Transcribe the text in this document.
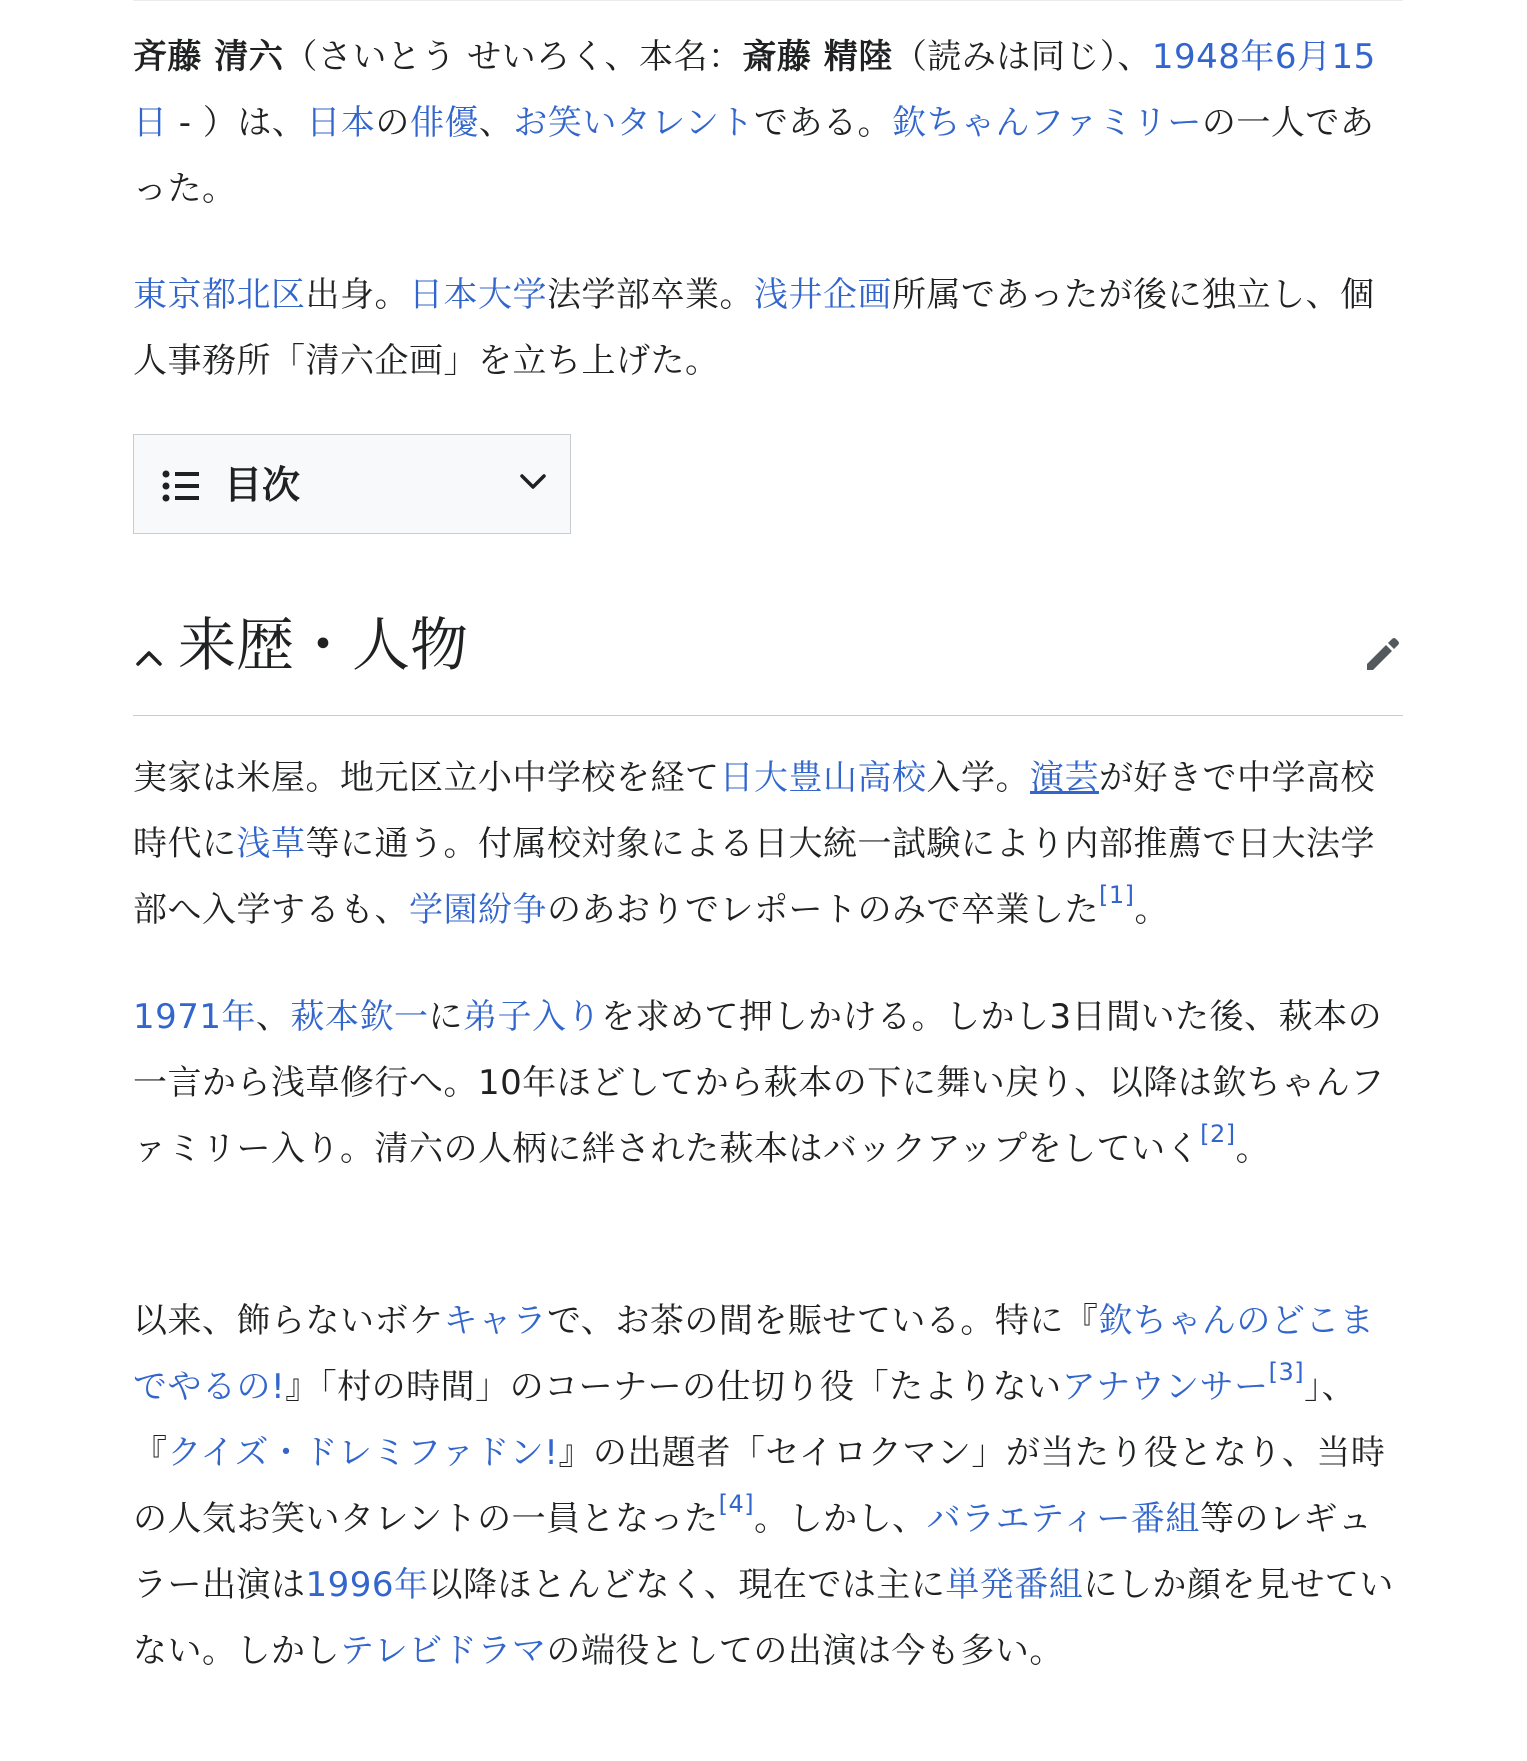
斉藤 清六（さいとう せいろく、本名：斎藤 精陸（読みは同じ）、1948年6月15日 - ）は、日本の俳優、お笑いタレントである。欽ちゃんファミリーの一人であった。

東京都北区出身。日本大学法学部卒業。浅井企画所属であったが後に独立し、個人事務所「清六企画」を立ち上げた。

目次
来歴・人物

実家は米屋。地元区立小中学校を経て日大豊山高校入学。演芸が好きで中学高校時代に浅草等に通う。付属校対象による日大統一試験により内部推薦で日大法学部へ入学するも、学園紛争のあおりでレポートのみで卒業した[1]。

1971年、萩本欽一に弟子入りを求めて押しかける。しかし3日間いた後、萩本の一言から浅草修行へ。10年ほどしてから萩本の下に舞い戻り、以降は欽ちゃんファミリー入り。清六の人柄に絆された萩本はバックアップをしていく[2]。

以来、飾らないボケキャラで、お茶の間を賑せている。特に『欽ちゃんのどこまでやるの!』「村の時間」のコーナーの仕切り役「たよりないアナウンサー[3]」、『クイズ・ドレミファドン!』の出題者「セイロクマン」が当たり役となり、当時の人気お笑いタレントの一員となった[4]。しかし、バラエティー番組等のレギュラー出演は1996年以降ほとんどなく、現在では主に単発番組にしか顔を見せていない。しかしテレビドラマの端役としての出演は今も多い。
